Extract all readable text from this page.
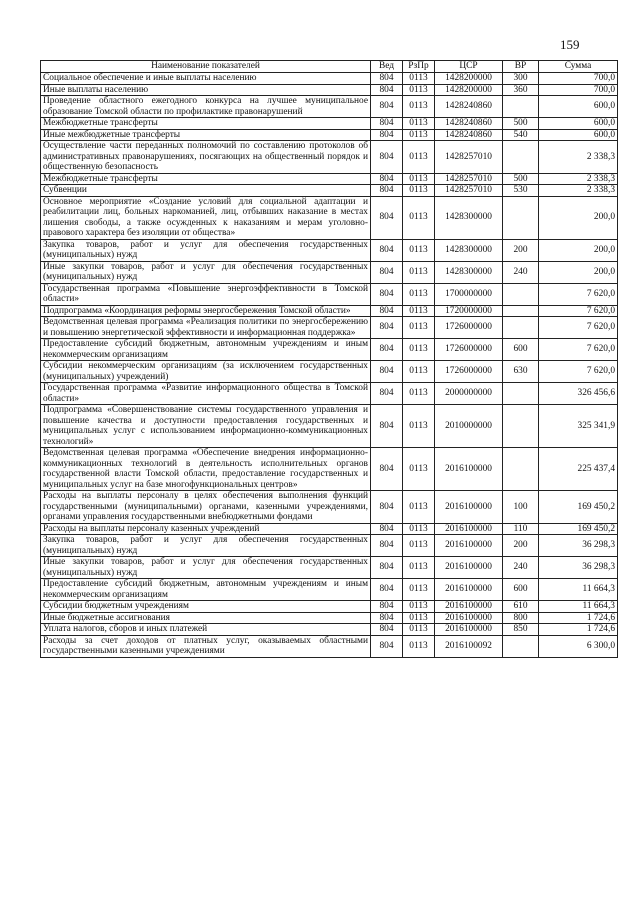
159
Наименование показателей	Вед	РзПр	ЦСР	ВР	Сумма
Социальное обеспечение и иные выплаты населению	804	0113	1428200000	300	700,0
Иные выплаты населению	804	0113	1428200000	360	700,0
Проведение областного ежегодного конкурса на лучшее муниципальное образование Томской области по профилактике правонарушений	804	0113	1428240860		600,0
Межбюджетные трансферты	804	0113	1428240860	500	600,0
Иные межбюджетные трансферты	804	0113	1428240860	540	600,0
Осуществление части переданных полномочий по составлению протоколов об административных правонарушениях, посягающих на общественный порядок и общественную безопасность	804	0113	1428257010		2 338,3
Межбюджетные трансферты	804	0113	1428257010	500	2 338,3
Субвенции	804	0113	1428257010	530	2 338,3
Основное мероприятие «Создание условий для социальной адаптации и реабилитации лиц, больных наркоманией, лиц, отбывших наказание в местах лишения свободы, а также осужденных к наказаниям и мерам уголовно-правового характера без изоляции от общества»	804	0113	1428300000		200,0
Закупка товаров, работ и услуг для обеспечения государственных (муниципальных) нужд	804	0113	1428300000	200	200,0
Иные закупки товаров, работ и услуг для обеспечения государственных (муниципальных) нужд	804	0113	1428300000	240	200,0
Государственная программа «Повышение энергоэффективности в Томской области»	804	0113	1700000000		7 620,0
Подпрограмма «Координация реформы энергосбережения Томской области»	804	0113	1720000000		7 620,0
Ведомственная целевая программа «Реализация политики по энергосбережению и повышению энергетической эффективности и информационная поддержка»	804	0113	1726000000		7 620,0
Предоставление субсидий бюджетным, автономным учреждениям и иным некоммерческим организациям	804	0113	1726000000	600	7 620,0
Субсидии некоммерческим организациям (за исключением государственных (муниципальных) учреждений)	804	0113	1726000000	630	7 620,0
Государственная программа «Развитие информационного общества в Томской области»	804	0113	2000000000		326 456,6
Подпрограмма «Совершенствование системы государственного управления и повышение качества и доступности предоставления государственных и муниципальных услуг с использованием информационно-коммуникационных технологий»	804	0113	2010000000		325 341,9
Ведомственная целевая программа «Обеспечение внедрения информационно-коммуникационных технологий в деятельность исполнительных органов государственной власти Томской области, предоставление государственных и муниципальных услуг на базе многофункциональных центров»	804	0113	2016100000		225 437,4
Расходы на выплаты персоналу в целях обеспечения выполнения функций государственными (муниципальными) органами, казенными учреждениями, органами управления государственными внебюджетными фондами	804	0113	2016100000	100	169 450,2
Расходы на выплаты персоналу казенных учреждений	804	0113	2016100000	110	169 450,2
Закупка товаров, работ и услуг для обеспечения государственных (муниципальных) нужд	804	0113	2016100000	200	36 298,3
Иные закупки товаров, работ и услуг для обеспечения государственных (муниципальных) нужд	804	0113	2016100000	240	36 298,3
Предоставление субсидий бюджетным, автономным учреждениям и иным некоммерческим организациям	804	0113	2016100000	600	11 664,3
Субсидии бюджетным учреждениям	804	0113	2016100000	610	11 664,3
Иные бюджетные ассигнования	804	0113	2016100000	800	1 724,6
Уплата налогов, сборов и иных платежей	804	0113	2016100000	850	1 724,6
Расходы за счет доходов от платных услуг, оказываемых областными государственными казенными учреждениями	804	0113	2016100092		6 300,0
